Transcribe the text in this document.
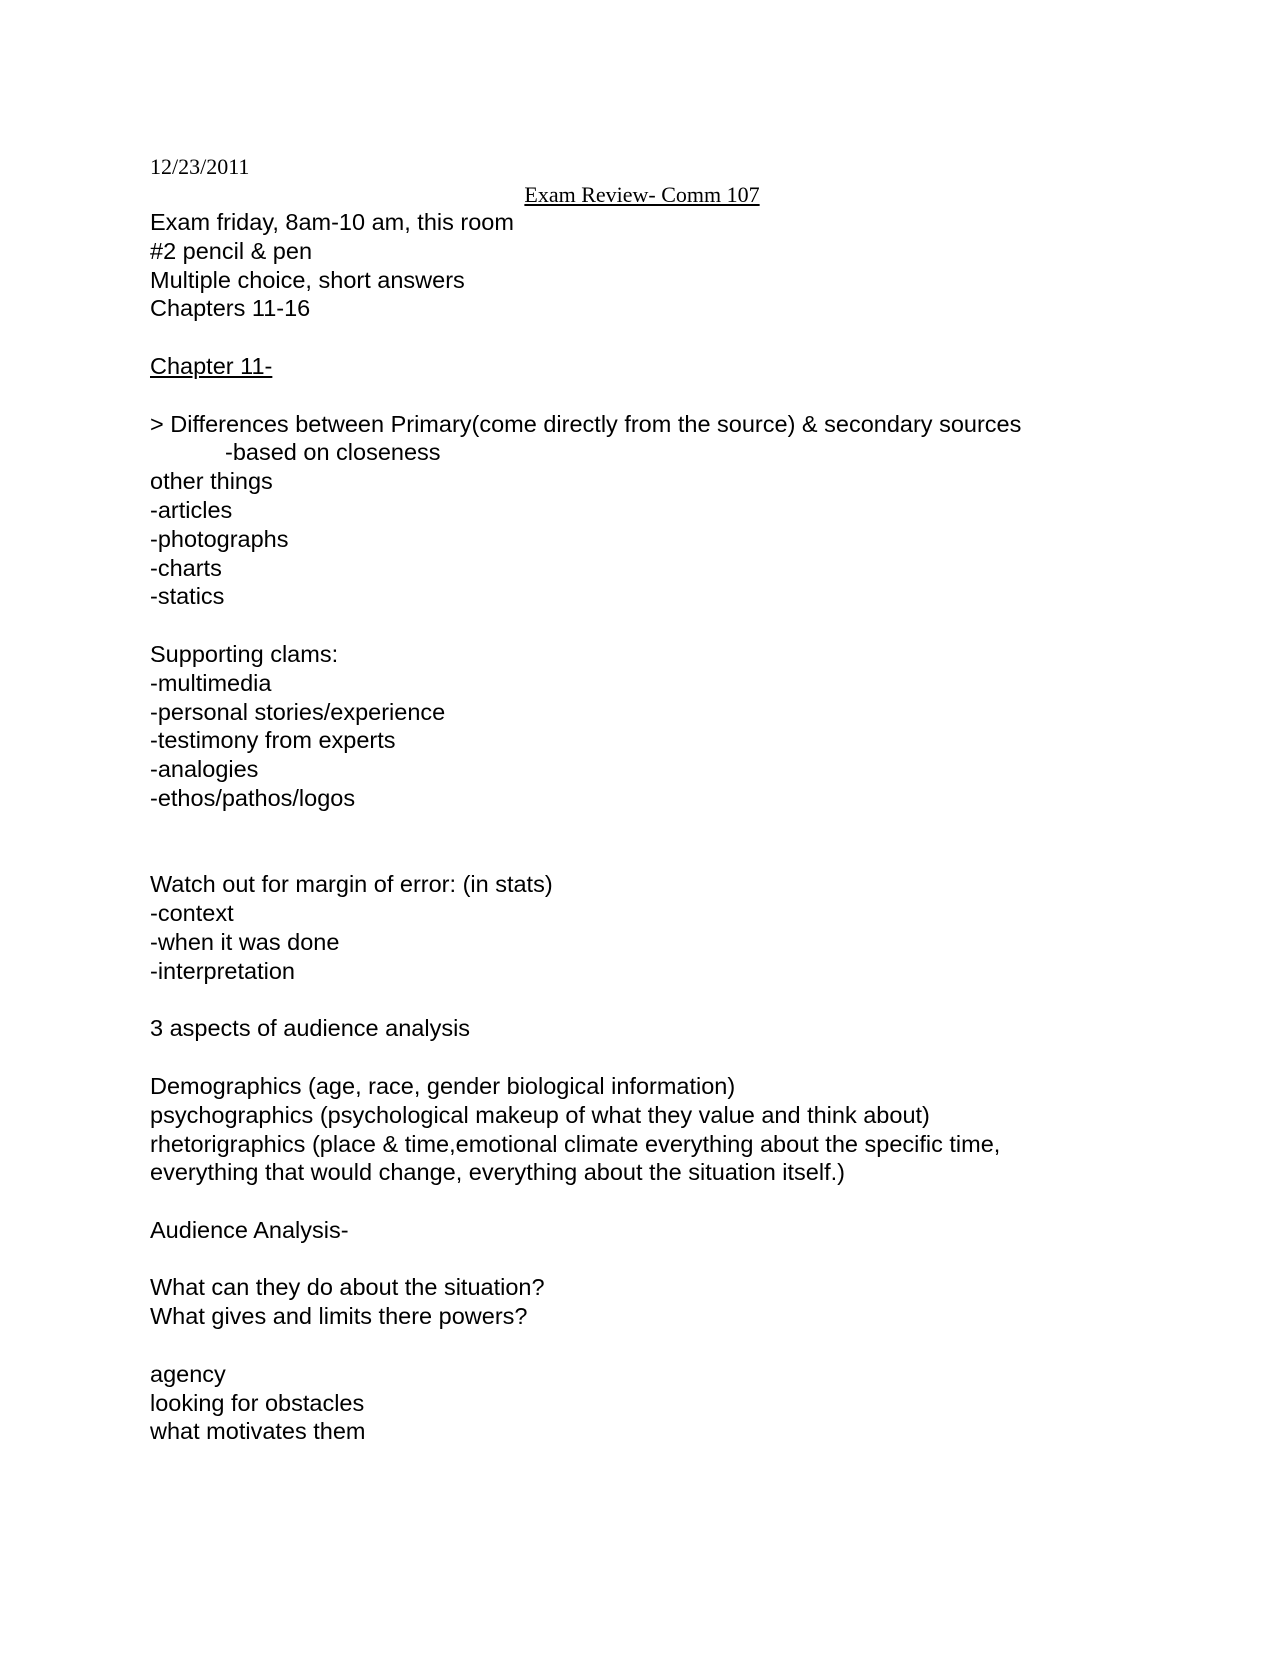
12/23/2011

Exam Review- Comm 107
Exam friday, 8am-10 am, this room
#2 pencil & pen
Multiple choice, short answers
Chapters 11-16
Chapter 11-
> Differences between Primary(come directly from the source) & secondary sources
-based on closeness
other things
-articles
-photographs
-charts
-statics
Supporting clams:
-multimedia
-personal stories/experience
-testimony from experts
-analogies
-ethos/pathos/logos
Watch out for margin of error: (in stats)
-context
-when it was done
-interpretation
3 aspects of audience analysis
Demographics (age, race, gender biological information)
psychographics (psychological makeup of what they value and think about)
rhetorigraphics (place & time,emotional climate everything about the specific time,
everything that would change, everything about the situation itself.)
Audience Analysis-
What can they do about the situation?
What gives and limits there powers?
agency
looking for obstacles
what motivates them
